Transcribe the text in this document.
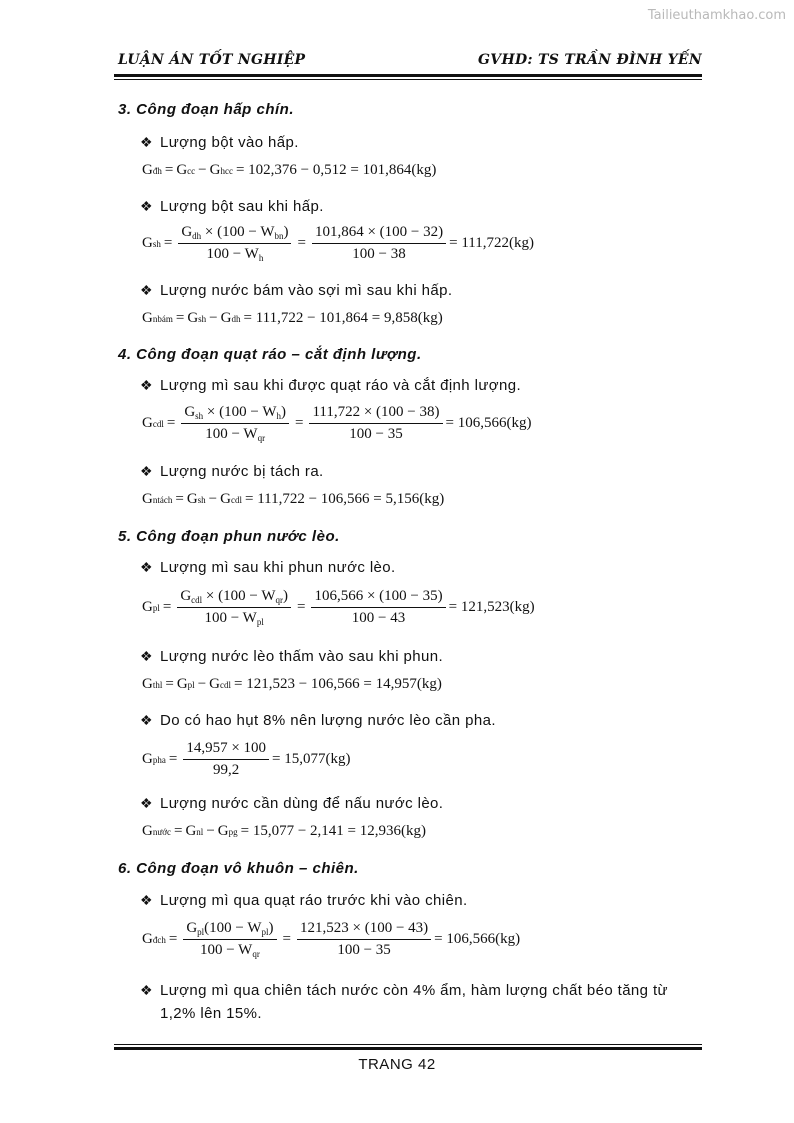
Tailieuthamkhao.com
LUẬN ÁN TỐT NGHIỆP	GVHD: TS TRẦN ĐÌNH YẾN
3. Công đoạn hấp chín.
❖ Lượng bột vào hấp.
G đh = G cc − G hcc = 102,376 − 0,512 = 101,864(kg)
❖ Lượng bột sau khi hấp.
G sh = $\frac{G_{dh} \times (100 - W_{bn})}{100 - W_h} = \frac{101,864 \times (100 - 32)}{100 - 38} = 111,722(kg)$
❖ Lượng nước bám vào sợi mì sau khi hấp.
G nbám = G sh − G dh = 111,722 − 101,864 = 9,858(kg)
4. Công đoạn quạt ráo – cắt định lượng.
❖ Lượng mì sau khi được quạt ráo và cắt định lượng.
G cdl = $\frac{G_{sh} \times (100 - W_h)}{100 - W_{qr}} = \frac{111,722 \times (100 - 38)}{100 - 35} = 106,566(kg)$
❖ Lượng nước bị tách ra.
G ntách = G sh − G cdl = 111,722 − 106,566 = 5,156(kg)
5. Công đoạn phun nước lèo.
❖ Lượng mì sau khi phun nước lèo.
G pl = $\frac{G_{cdl} \times (100 - W_{qr})}{100 - W_{pl}} = \frac{106,566 \times (100 - 35)}{100 - 43} = 121,523(kg)$
❖ Lượng nước lèo thấm vào sau khi phun.
G thl = G pl − G cdl = 121,523 − 106,566 = 14,957(kg)
❖ Do có hao hụt 8% nên lượng nước lèo cần pha.
G pha = $\frac{14,957 \times 100}{99,2} = 15,077(kg)$
❖ Lượng nước cần dùng để nấu nước lèo.
G nước = G nl − G pg = 15,077 − 2,141 = 12,936(kg)
6. Công đoạn vô khuôn – chiên.
❖ Lượng mì qua quạt ráo trước khi vào chiên.
G đch = $\frac{G_{pl}(100 - W_{pl})}{100 - W_{qr}} = \frac{121,523 \times (100 - 43)}{100 - 35} = 106,566(kg)$
❖ Lượng mì qua chiên tách nước còn 4% ẩm, hàm lượng chất béo tăng từ
1,2% lên 15%.
TRANG 42
